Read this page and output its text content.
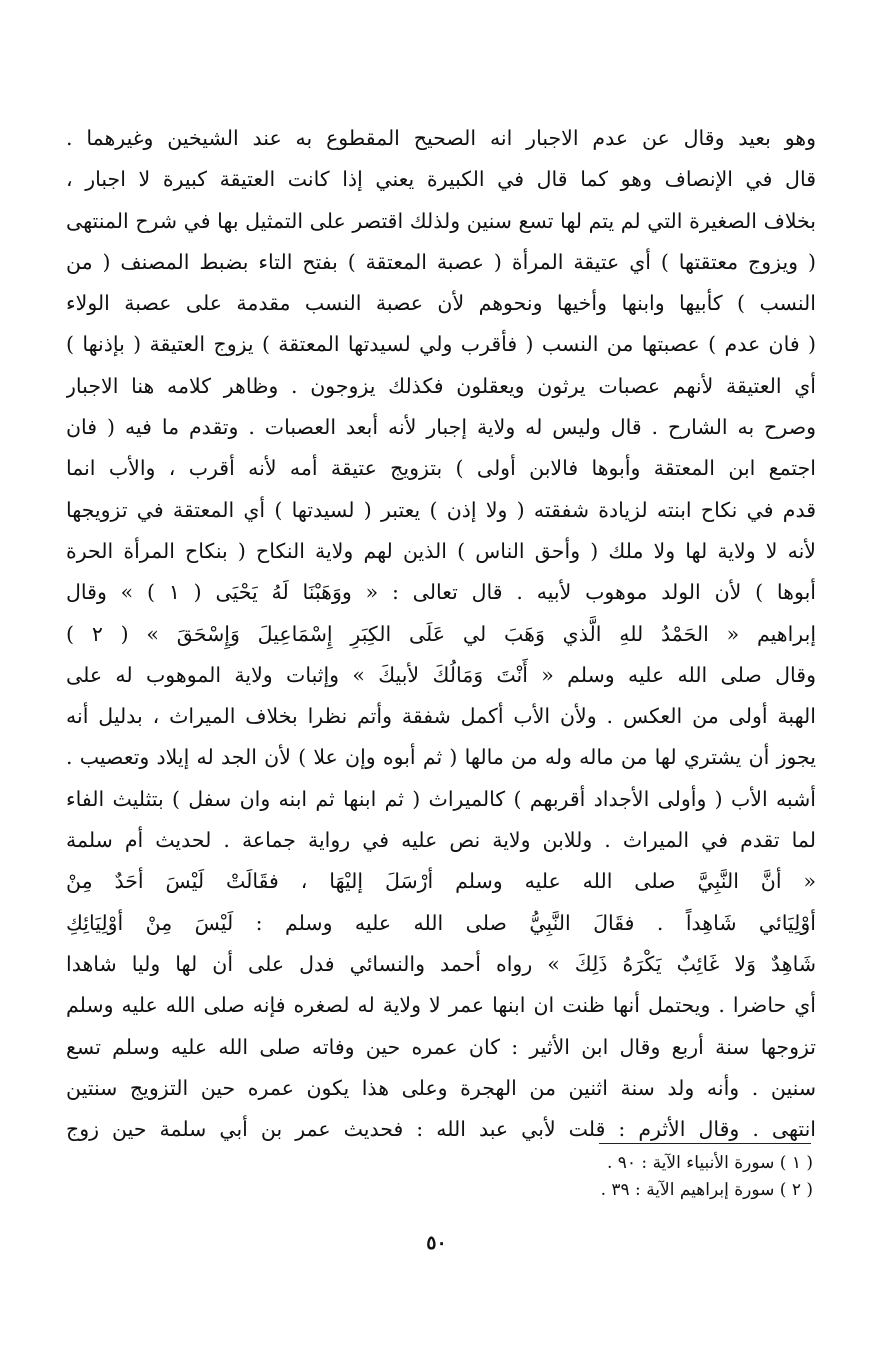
وهو بعيد وقال عن عدم الاجبار انه الصحيح المقطوع به عند الشيخين وغيرهما .
قال في الإنصاف وهو كما قال في الكبيرة يعني إذا كانت العتيقة كبيرة لا اجبار ،
بخلاف الصغيرة التي لم يتم لها تسع سنين ولذلك اقتصر على التمثيل بها في شرح المنتهى
( ويزوج معتقتها ) أي عتيقة المرأة ( عصبة المعتقة ) بفتح التاء بضبط المصنف ( من
النسب ) كأبيها وابنها وأخيها ونحوهم لأن عصبة النسب مقدمة على عصبة الولاء
( فان عدم ) عصبتها من النسب ( فأقرب ولي لسيدتها المعتقة ) يزوج العتيقة ( بإذنها )
أي العتيقة لأنهم عصبات يرثون ويعقلون فكذلك يزوجون . وظاهر كلامه هنا الاجبار
وصرح به الشارح . قال وليس له ولاية إجبار لأنه أبعد العصبات . وتقدم ما فيه ( فان
اجتمع ابن المعتقة وأبوها فالابن أولى ) بتزويج عتيقة أمه لأنه أقرب ، والأب انما
قدم في نكاح ابنته لزيادة شفقته ( ولا إذن ) يعتبر ( لسيدتها ) أي المعتقة في تزويجها
لأنه لا ولاية لها ولا ملك ( وأحق الناس ) الذين لهم ولاية النكاح ( بنكاح المرأة الحرة
أبوها ) لأن الولد موهوب لأبيه . قال تعالى : « ووَهَبْنَا لَهُ يَحْيَى ( ١ ) » وقال
إبراهيم « الحَمْدُ للهِ الَّذي وَهَبَ لي عَلَى الكِبَرِ إِسْمَاعِيلَ وَإِسْحَقَ » ( ٢ )
وقال صلى الله عليه وسلم « أَنْتَ وَمَالُكَ لأبيكَ » وإثبات ولاية الموهوب له على
الهبة أولى من العكس . ولأن الأب أكمل شفقة وأتم نظرا بخلاف الميراث ، بدليل أنه
يجوز أن يشتري لها من ماله وله من مالها ( ثم أبوه وإن علا ) لأن الجد له إيلاد وتعصيب .
أشبه الأب ( وأولى الأجداد أقربهم ) كالميراث ( ثم ابنها ثم ابنه وان سفل ) بتثليث الفاء
لما تقدم في الميراث . وللابن ولاية نص عليه في رواية جماعة . لحديث أم سلمة
« أنَّ النَّبِيَّ صلى الله عليه وسلم أرْسَلَ إليْهَا ، فقَالَتْ لَيْسَ أحَدٌ مِنْ
أوْلِيَائي شَاهِداً . فقَالَ النَّبِيُّ صلى الله عليه وسلم : لَيْسَ مِنْ أوْلِيَائِكِ
شَاهِدٌ وَلا غَائِبٌ يَكْرَهُ ذَلِكَ » رواه أحمد والنسائي فدل على أن لها وليا شاهدا
أي حاضرا . ويحتمل أنها ظنت ان ابنها عمر لا ولاية له لصغره فإنه صلى الله عليه وسلم
تزوجها سنة أربع وقال ابن الأثير : كان عمره حين وفاته صلى الله عليه وسلم تسع
سنين . وأنه ولد سنة اثنين من الهجرة وعلى هذا يكون عمره حين التزويج سنتين
انتهى . وقال الأثرم : قلت لأبي عبد الله : فحديث عمر بن أبي سلمة حين زوج
( ١ ) سورة الأنبياء الآية : ٩٠ .
( ٢ ) سورة إبراهيم الآية : ٣٩ .
٥٠
